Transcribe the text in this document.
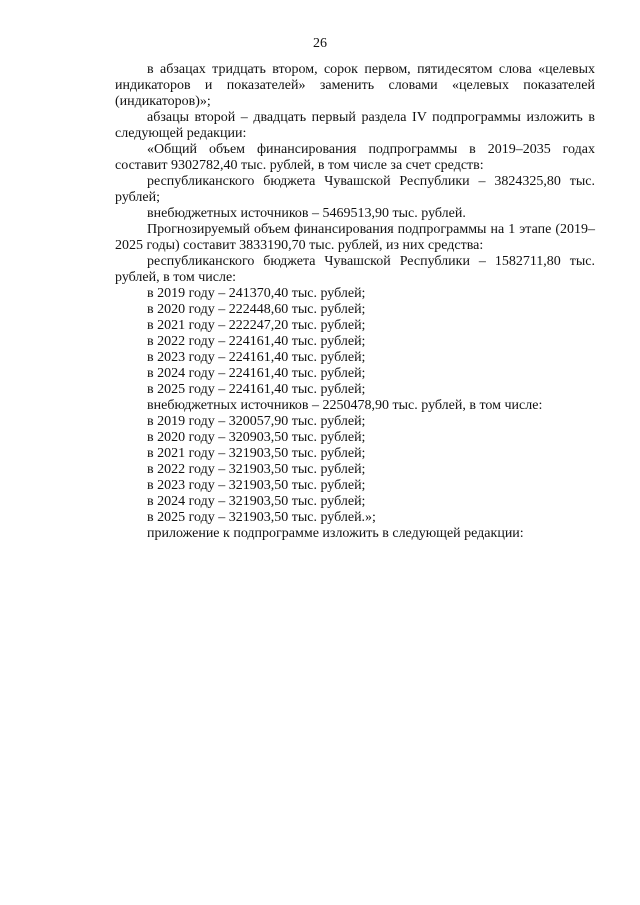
26

в абзацах тридцать втором, сорок первом, пятидесятом слова «целевых индикаторов и показателей» заменить словами «целевых показателей (индикаторов)»;

абзацы второй – двадцать первый раздела IV подпрограммы изложить в следующей редакции:

«Общий объем финансирования подпрограммы в 2019–2035 годах составит 9302782,40 тыс. рублей, в том числе за счет средств:

республиканского бюджета Чувашской Республики – 3824325,80 тыс. рублей;

внебюджетных источников – 5469513,90 тыс. рублей.

Прогнозируемый объем финансирования подпрограммы на 1 этапе (2019–2025 годы) составит 3833190,70 тыс. рублей, из них средства:

республиканского бюджета Чувашской Республики – 1582711,80 тыс. рублей, в том числе:

в 2019 году – 241370,40 тыс. рублей;

в 2020 году – 222448,60 тыс. рублей;

в 2021 году – 222247,20 тыс. рублей;

в 2022 году – 224161,40 тыс. рублей;

в 2023 году – 224161,40 тыс. рублей;

в 2024 году – 224161,40 тыс. рублей;

в 2025 году – 224161,40 тыс. рублей;

внебюджетных источников – 2250478,90 тыс. рублей, в том числе:

в 2019 году – 320057,90 тыс. рублей;

в 2020 году – 320903,50 тыс. рублей;

в 2021 году – 321903,50 тыс. рублей;

в 2022 году – 321903,50 тыс. рублей;

в 2023 году – 321903,50 тыс. рублей;

в 2024 году – 321903,50 тыс. рублей;

в 2025 году – 321903,50 тыс. рублей.»;

приложение к подпрограмме изложить в следующей редакции:
